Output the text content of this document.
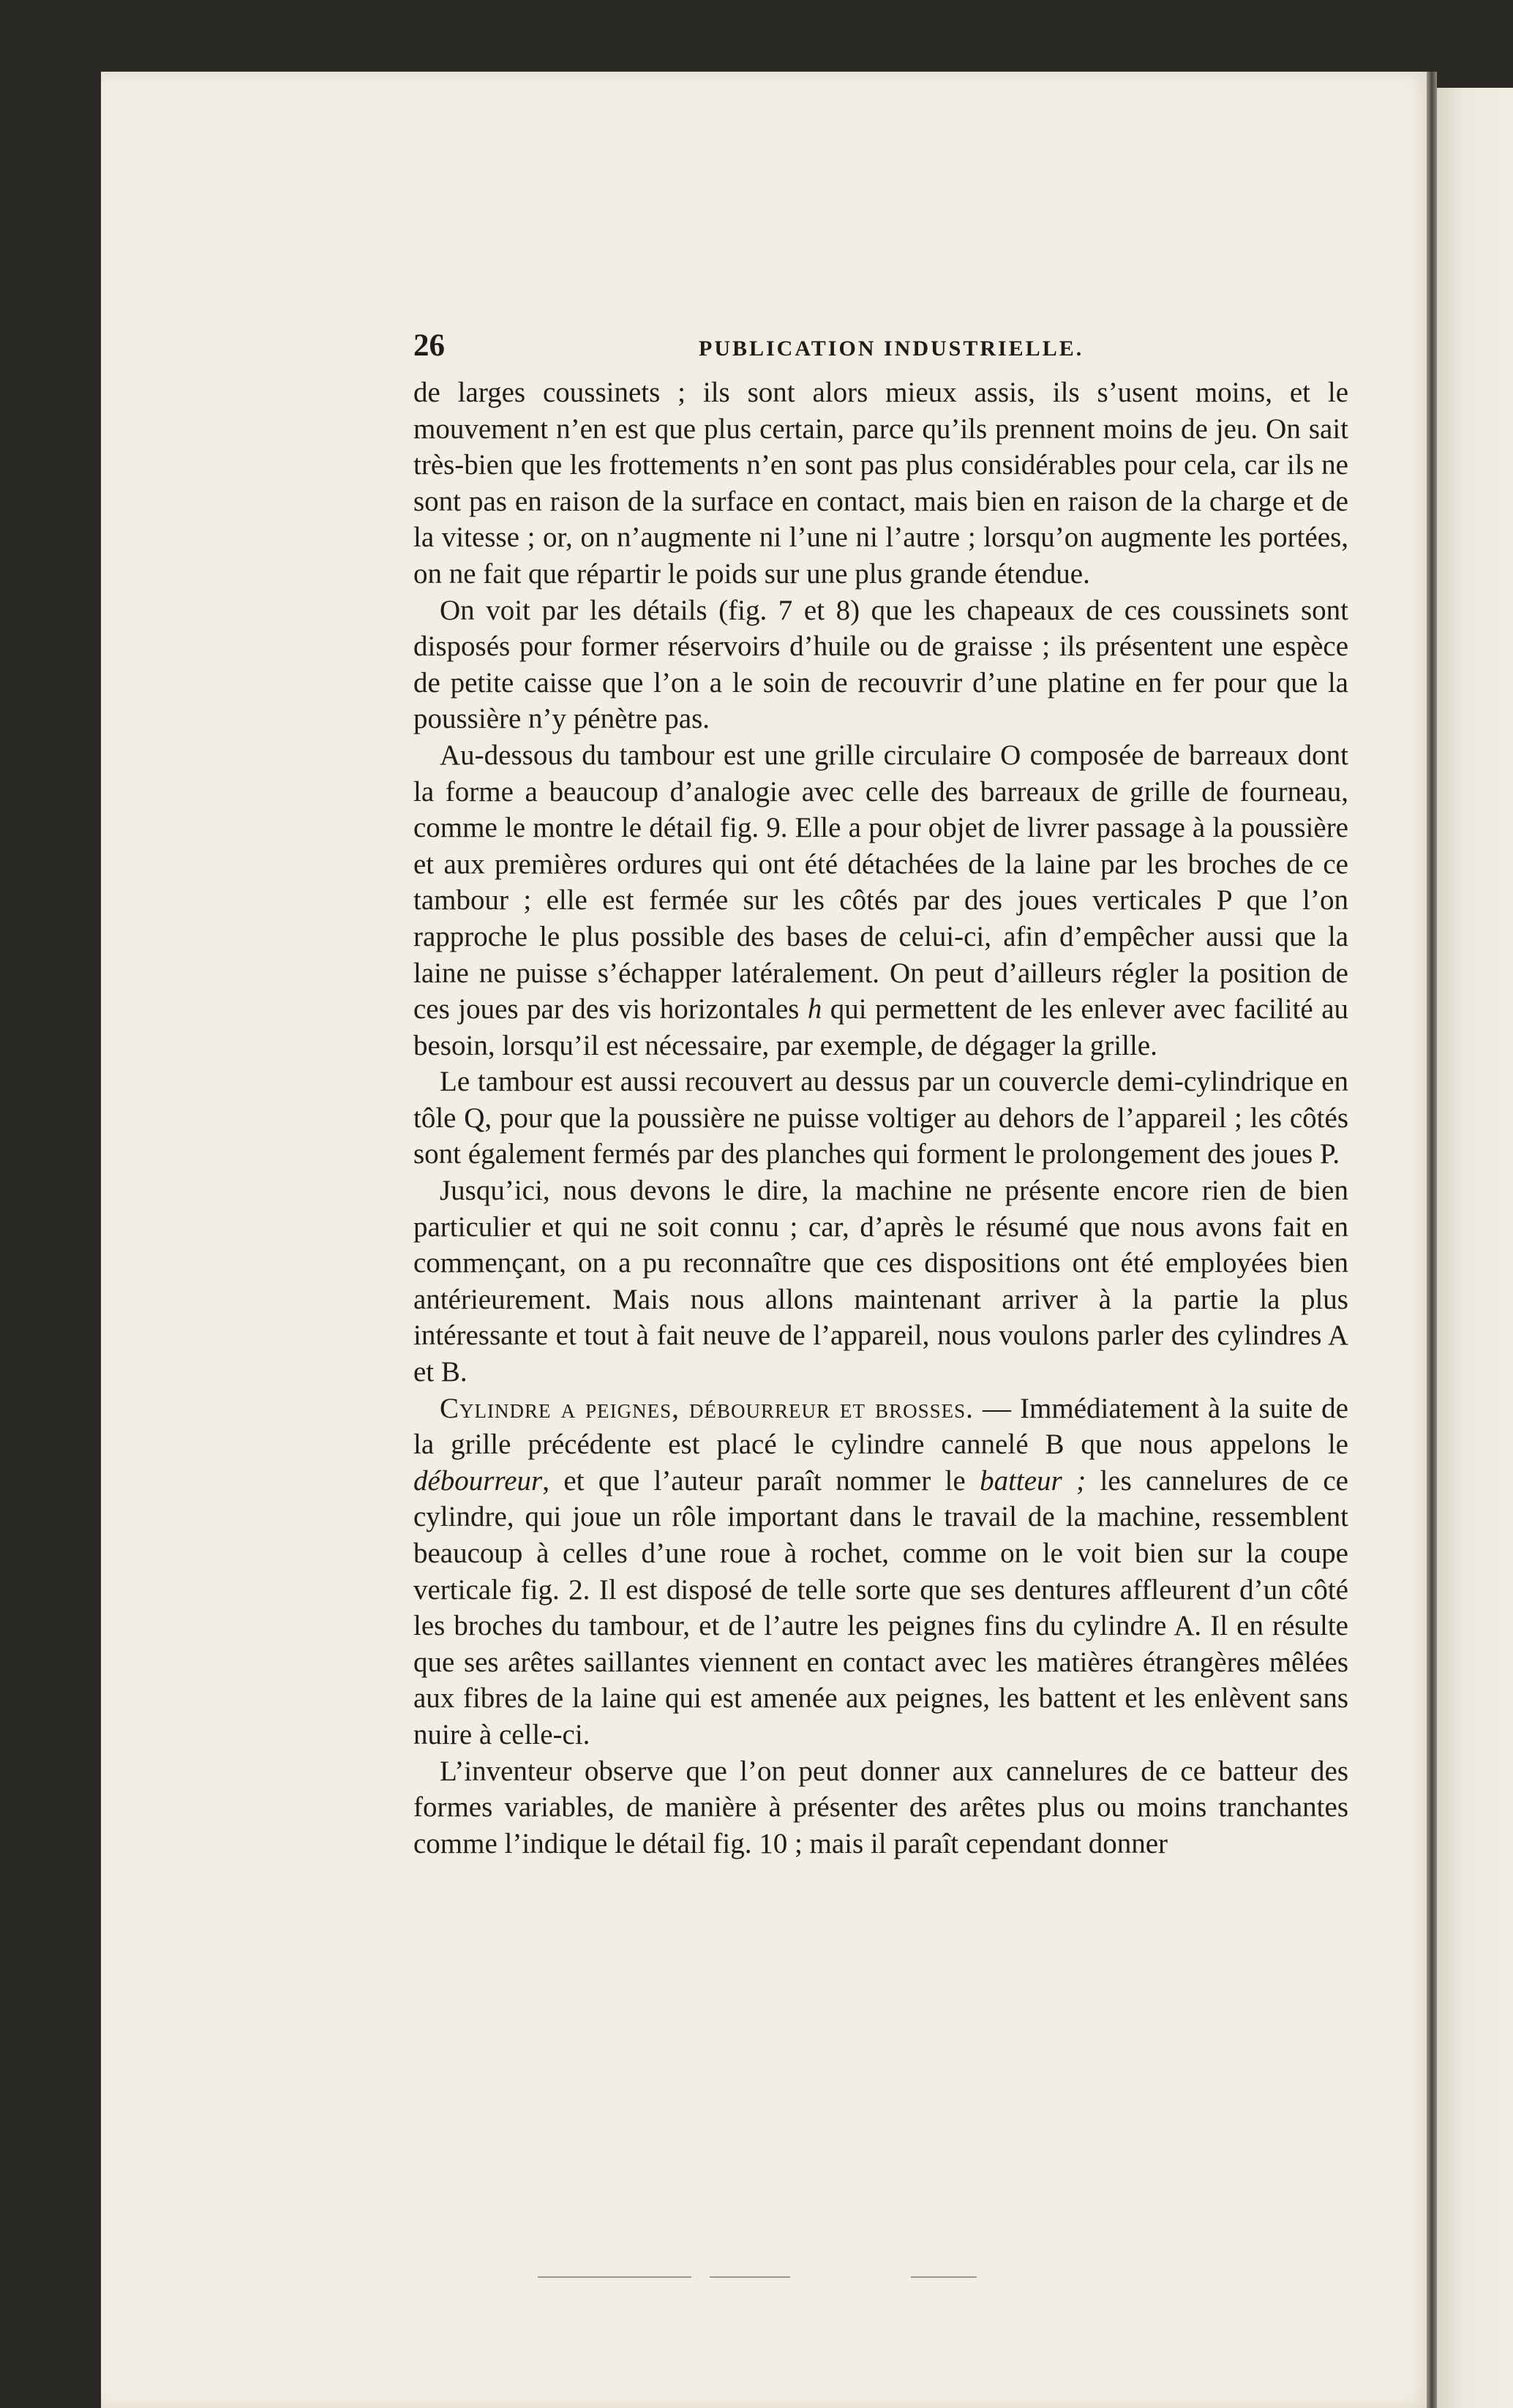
26	PUBLICATION INDUSTRIELLE.

de larges coussinets ; ils sont alors mieux assis, ils s’usent moins, et le mouvement n’en est que plus certain, parce qu’ils prennent moins de jeu. On sait très-bien que les frottements n’en sont pas plus considérables pour cela, car ils ne sont pas en raison de la surface en contact, mais bien en raison de la charge et de la vitesse ; or, on n’augmente ni l’une ni l’autre ; lorsqu’on augmente les portées, on ne fait que répartir le poids sur une plus grande étendue.

On voit par les détails (fig. 7 et 8) que les chapeaux de ces coussinets sont disposés pour former réservoirs d’huile ou de graisse ; ils présentent une espèce de petite caisse que l’on a le soin de recouvrir d’une platine en fer pour que la poussière n’y pénètre pas.

Au-dessous du tambour est une grille circulaire O composée de barreaux dont la forme a beaucoup d’analogie avec celle des barreaux de grille de fourneau, comme le montre le détail fig. 9. Elle a pour objet de livrer passage à la poussière et aux premières ordures qui ont été détachées de la laine par les broches de ce tambour ; elle est fermée sur les côtés par des joues verticales P que l’on rapproche le plus possible des bases de celui-ci, afin d’empêcher aussi que la laine ne puisse s’échapper latéralement. On peut d’ailleurs régler la position de ces joues par des vis horizontales h qui permettent de les enlever avec facilité au besoin, lorsqu’il est nécessaire, par exemple, de dégager la grille.

Le tambour est aussi recouvert au dessus par un couvercle demi-cylindrique en tôle Q, pour que la poussière ne puisse voltiger au dehors de l’appareil ; les côtés sont également fermés par des planches qui forment le prolongement des joues P.

Jusqu’ici, nous devons le dire, la machine ne présente encore rien de bien particulier et qui ne soit connu ; car, d’après le résumé que nous avons fait en commençant, on a pu reconnaître que ces dispositions ont été employées bien antérieurement. Mais nous allons maintenant arriver à la partie la plus intéressante et tout à fait neuve de l’appareil, nous voulons parler des cylindres A et B.

Cylindre a peignes, débourreur et brosses. — Immédiatement à la suite de la grille précédente est placé le cylindre cannelé B que nous appelons le débourreur, et que l’auteur paraît nommer le batteur ; les cannelures de ce cylindre, qui joue un rôle important dans le travail de la machine, ressemblent beaucoup à celles d’une roue à rochet, comme on le voit bien sur la coupe verticale fig. 2. Il est disposé de telle sorte que ses dentures affleurent d’un côté les broches du tambour, et de l’autre les peignes fins du cylindre A. Il en résulte que ses arêtes saillantes viennent en contact avec les matières étrangères mêlées aux fibres de la laine qui est amenée aux peignes, les battent et les enlèvent sans nuire à celle-ci.

L’inventeur observe que l’on peut donner aux cannelures de ce batteur des formes variables, de manière à présenter des arêtes plus ou moins tranchantes comme l’indique le détail fig. 10 ; mais il paraît cependant donner
